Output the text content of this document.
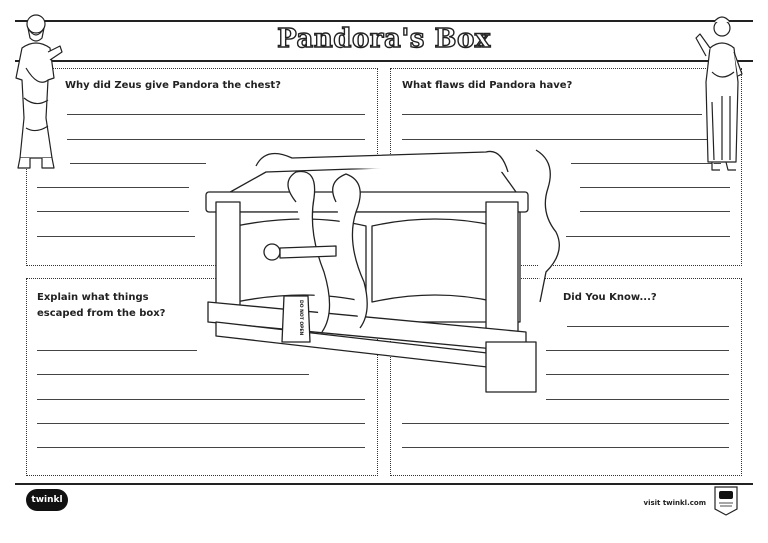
Pandora's Box
Why did Zeus give Pandora the chest?	What flaws did Pandora have?
Explain what things escaped from the box?
Did You Know...?
DO NOT OPEN
twinkl	visit twinkl.com
